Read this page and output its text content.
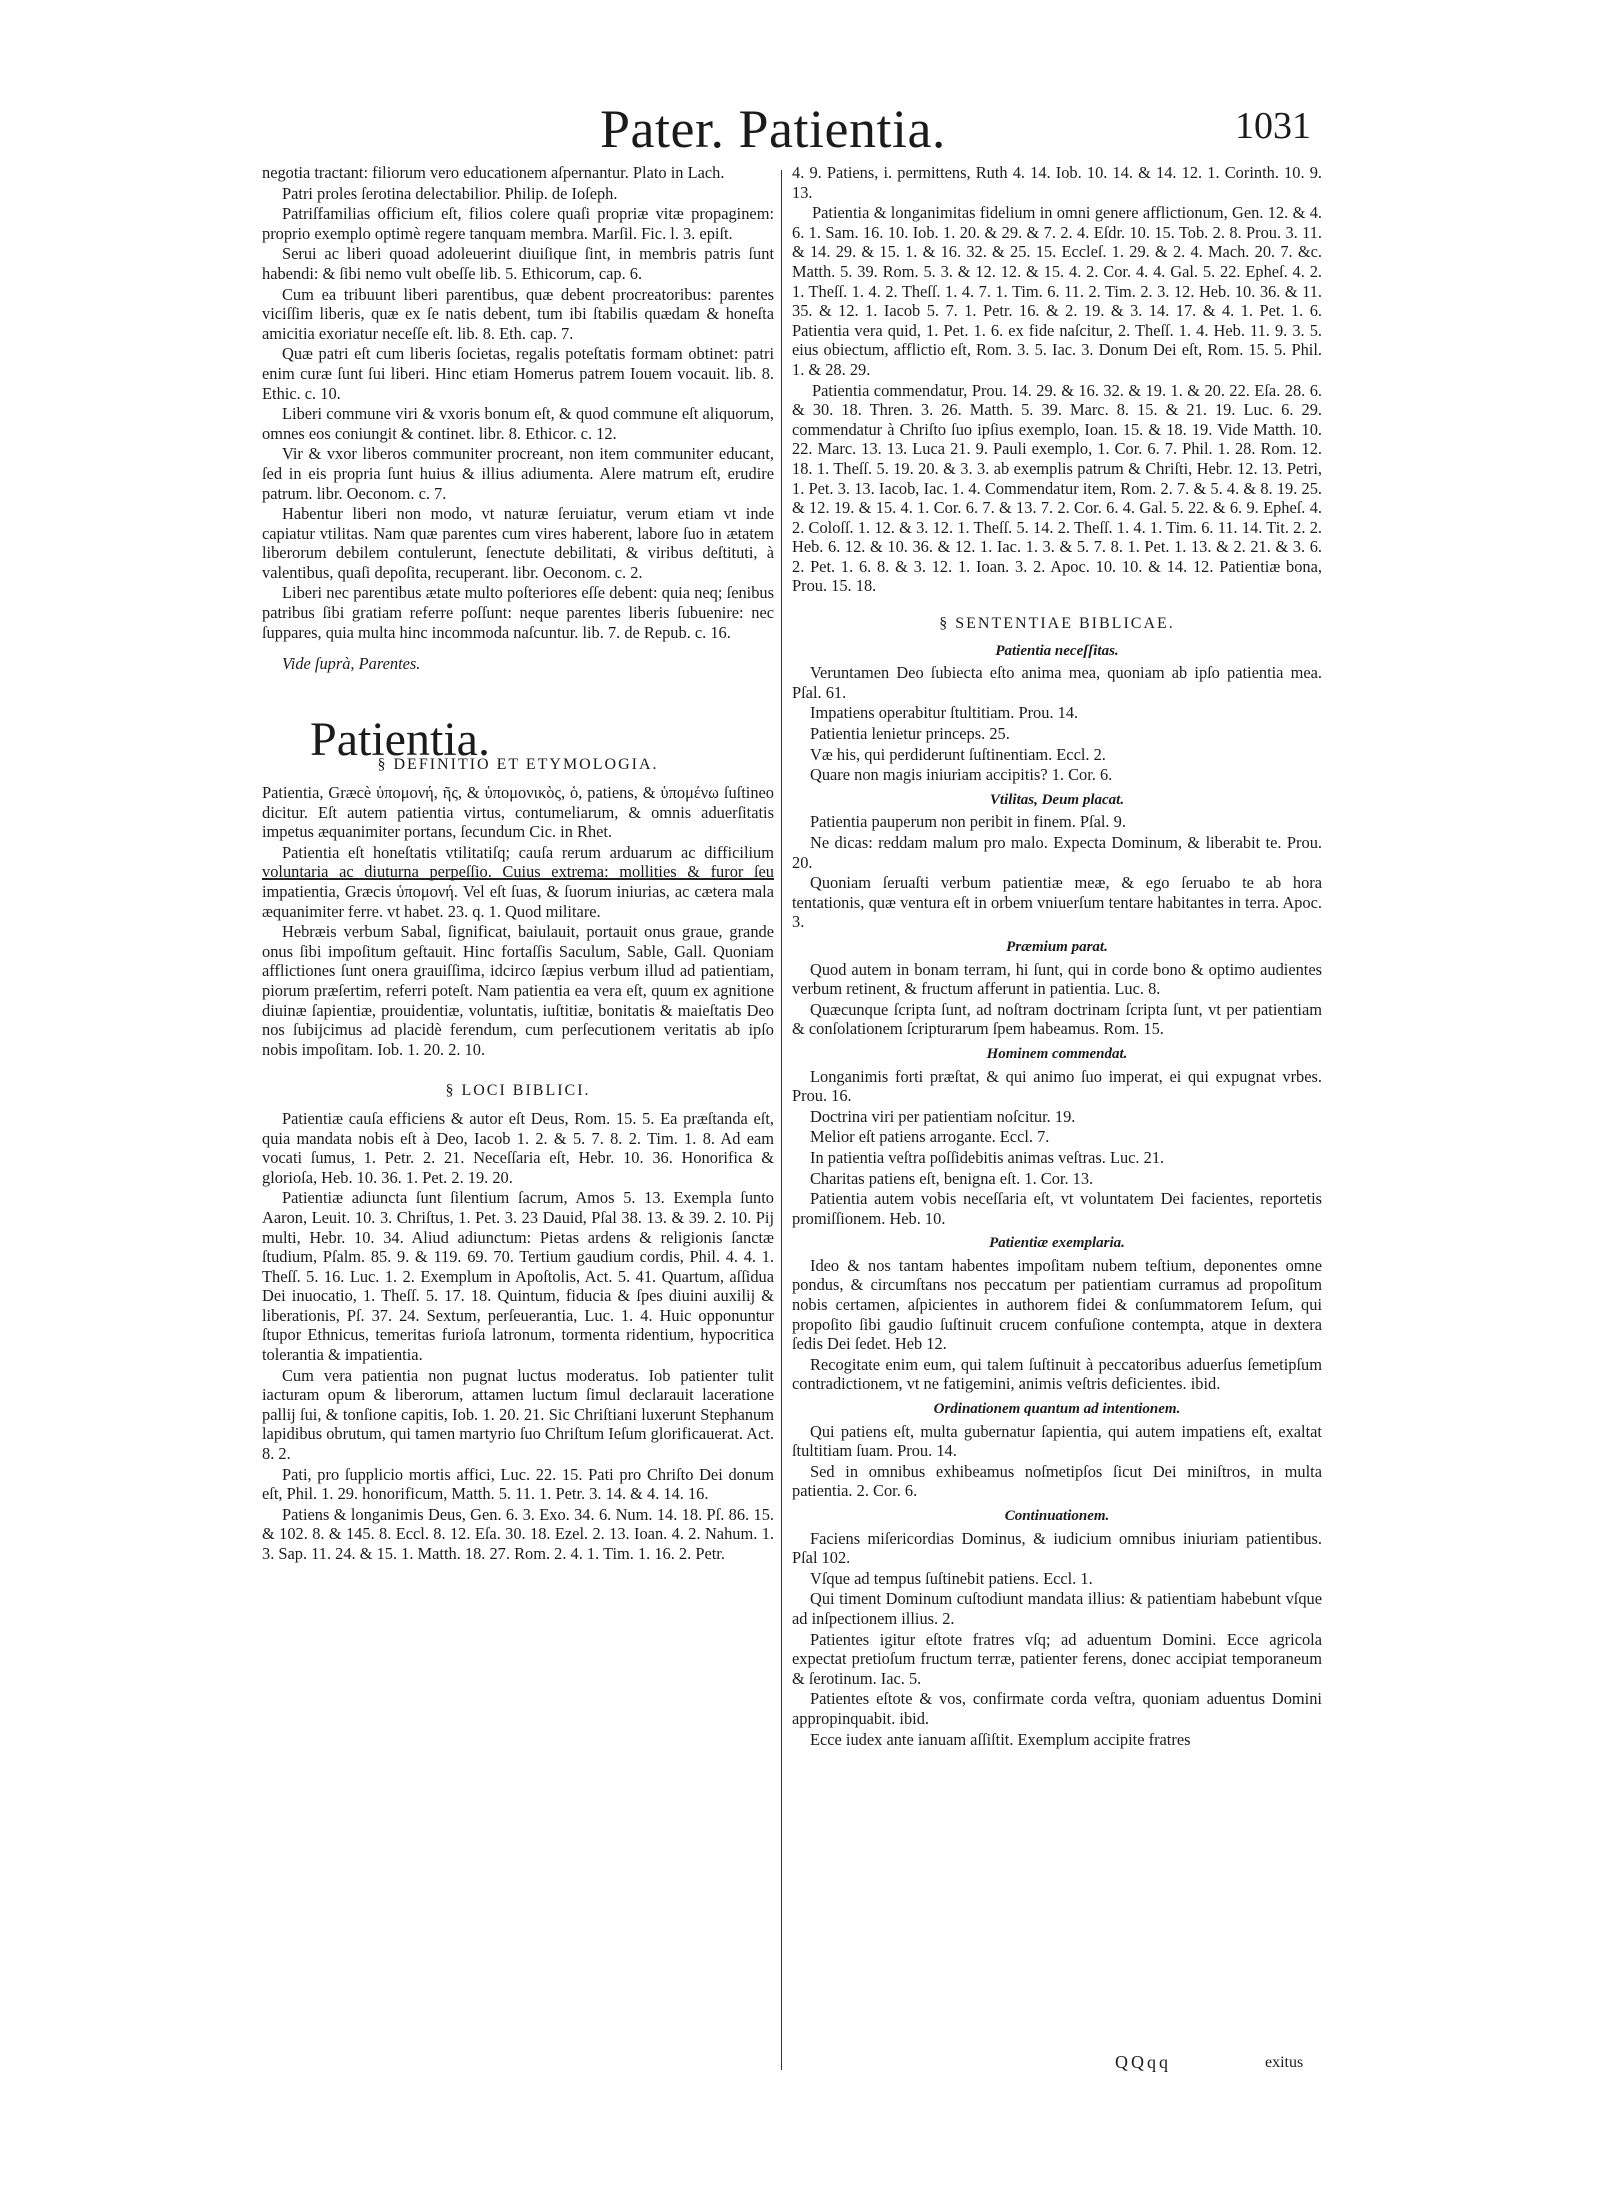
Pater. Patientia.	1031

negotia tractant: filiorum vero educationem aſpernantur. Plato in Lach.

Patri proles ſerotina delectabilior. Philip. de Ioſeph.

Patriſfamilias officium eſt, filios colere quaſi propriæ vitæ propaginem: proprio exemplo optimè regere tanquam membra. Marſil. Fic. l. 3. epiſt.

Serui ac liberi quoad adoleuerint diuiſique ſint, in membris patris ſunt habendi: & ſibi nemo vult obeſſe lib. 5. Ethicorum, cap. 6.

Cum ea tribuunt liberi parentibus, quæ debent procreatoribus: parentes viciſſim liberis, quæ ex ſe natis debent, tum ibi ſtabilis quædam & honeſta amicitia exoriatur neceſſe eſt. lib. 8. Eth. cap. 7.

Quæ patri eſt cum liberis ſocietas, regalis poteſtatis formam obtinet: patri enim curæ ſunt ſui liberi. Hinc etiam Homerus patrem Iouem vocauit. lib. 8. Ethic. c. 10.

Liberi commune viri & vxoris bonum eſt, & quod commune eſt aliquorum, omnes eos coniungit & continet. libr. 8. Ethicor. c. 12.

Vir & vxor liberos communiter procreant, non item communiter educant, ſed in eis propria ſunt huius & illius adiumenta. Alere matrum eſt, erudire patrum. libr. Oeconom. c. 7.

Habentur liberi non modo, vt naturæ ſeruiatur, verum etiam vt inde capiatur vtilitas. Nam quæ parentes cum vires haberent, labore ſuo in ætatem liberorum debilem contulerunt, ſenectute debilitati, & viribus deſtituti, à valentibus, quaſi depoſita, recuperant. libr. Oeconom. c. 2.

Liberi nec parentibus ætate multo poſteriores eſſe debent: quia neq; ſenibus patribus ſibi gratiam referre poſſunt: neque parentes liberis ſubuenire: nec ſuppares, quia multa hinc incommoda naſcuntur. lib. 7. de Repub. c. 16.

Vide ſuprà, Parentes.
Patientia.
§ DEFINITIO ET ETYMOLOGIA.

Patientia, Græcè ὑπομονή, ῆς, & ὑπομονικὸς, ὁ, patiens, & ὑπομένω ſuſtineo dicitur. Eſt autem patientia virtus, contumeliarum, & omnis aduerſitatis impetus æquanimiter portans, ſecundum Cic. in Rhet.

Patientia eſt honeſtatis vtilitatiſq; cauſa rerum arduarum ac difficilium voluntaria ac diuturna perpeſſio. Cuius extrema: mollities & furor ſeu impatientia, Græcis ὑπομονή. Vel eſt ſuas, & ſuorum iniurias, ac cætera mala æquanimiter ferre. vt habet. 23. q. 1. Quod militare.

Hebræis verbum Sabal, ſignificat, baiulauit, portauit onus graue, grande onus ſibi impoſitum geſtauit. Hinc fortaſſis Saculum, Sable, Gall. Quoniam afflictiones ſunt onera grauiſſima, idcirco ſæpius verbum illud ad patientiam, piorum præſertim, referri poteſt. Nam patientia ea vera eſt, quum ex agnitione diuinæ ſapientiæ, prouidentiæ, voluntatis, iuſtitiæ, bonitatis & maieſtatis Deo nos ſubijcimus ad placidè ferendum, cum perſecutionem veritatis ab ipſo nobis impoſitam. Iob. 1. 20. 2. 10.

§ LOCI BIBLICI.

Patientiæ cauſa efficiens & autor eſt Deus, Rom. 15. 5. Ea præſtanda eſt, quia mandata nobis eſt à Deo, Iacob 1. 2. & 5. 7. 8. 2. Tim. 1. 8. Ad eam vocati ſumus, 1. Petr. 2. 21. Neceſſaria eſt, Hebr. 10. 36. Honorifica & glorioſa, Heb. 10. 36. 1. Pet. 2. 19. 20.

Patientiæ adiuncta ſunt ſilentium ſacrum, Amos 5. 13. Exempla ſunto Aaron, Leuit. 10. 3. Chriſtus, 1. Pet. 3. 23 Dauid, Pſal 38. 13. & 39. 2. 10. Pij multi, Hebr. 10. 34. Aliud adiunctum: Pietas ardens & religionis ſanctæ ſtudium, Pſalm. 85. 9. & 119. 69. 70. Tertium gaudium cordis, Phil. 4. 4. 1. Theſſ. 5. 16. Luc. 1. 2. Exemplum in Apoſtolis, Act. 5. 41. Quartum, aſſidua Dei inuocatio, 1. Theſſ. 5. 17. 18. Quintum, fiducia & ſpes diuini auxilij & liberationis, Pſ. 37. 24. Sextum, perſeuerantia, Luc. 1. 4. Huic opponuntur ſtupor Ethnicus, temeritas furioſa latronum, tormenta ridentium, hypocritica tolerantia & impatientia.

Cum vera patientia non pugnat luctus moderatus. Iob patienter tulit iacturam opum & liberorum, attamen luctum ſimul declarauit laceratione pallij ſui, & tonſione capitis, Iob. 1. 20. 21. Sic Chriſtiani luxerunt Stephanum lapidibus obrutum, qui tamen martyrio ſuo Chriſtum Ieſum glorificauerat. Act. 8. 2.

Pati, pro ſupplicio mortis affici, Luc. 22. 15. Pati pro Chriſto Dei donum eſt, Phil. 1. 29. honorificum, Matth. 5. 11. 1. Petr. 3. 14. & 4. 14. 16.

Patiens & longanimis Deus, Gen. 6. 3. Exo. 34. 6. Num. 14. 18. Pſ. 86. 15. & 102. 8. & 145. 8. Eccl. 8. 12. Eſa. 30. 18. Ezel. 2. 13. Ioan. 4. 2. Nahum. 1. 3. Sap. 11. 24. & 15. 1. Matth. 18. 27. Rom. 2. 4. 1. Tim. 1. 16. 2. Petr.

4. 9. Patiens, i. permittens, Ruth 4. 14. Iob. 10. 14. & 14. 12. 1. Corinth. 10. 9. 13.

Patientia & longanimitas fidelium in omni genere afflictionum, Gen. 12. & 4. 6. 1. Sam. 16. 10. Iob. 1. 20. & 29. & 7. 2. 4. Eſdr. 10. 15. Tob. 2. 8. Prou. 3. 11. & 14. 29. & 15. 1. & 16. 32. & 25. 15. Eccleſ. 1. 29. & 2. 4. Mach. 20. 7. &c. Matth. 5. 39. Rom. 5. 3. & 12. 12. & 15. 4. 2. Cor. 4. 4. Gal. 5. 22. Epheſ. 4. 2. 1. Theſſ. 1. 4. 2. Theſſ. 1. 4. 7. 1. Tim. 6. 11. 2. Tim. 2. 3. 12. Heb. 10. 36. & 11. 35. & 12. 1. Iacob 5. 7. 1. Petr. 16. & 2. 19. & 3. 14. 17. & 4. 1. Pet. 1. 6. Patientia vera quid, 1. Pet. 1. 6. ex fide naſcitur, 2. Theſſ. 1. 4. Heb. 11. 9. 3. 5. eius obiectum, afflictio eſt, Rom. 3. 5. Iac. 3. Donum Dei eſt, Rom. 15. 5. Phil. 1. & 28. 29.

Patientia commendatur, Prou. 14. 29. & 16. 32. & 19. 1. & 20. 22. Eſa. 28. 6. & 30. 18. Thren. 3. 26. Matth. 5. 39. Marc. 8. 15. & 21. 19. Luc. 6. 29. commendatur à Chriſto ſuo ipſius exemplo, Ioan. 15. & 18. 19. Vide Matth. 10. 22. Marc. 13. 13. Luca 21. 9. Pauli exemplo, 1. Cor. 6. 7. Phil. 1. 28. Rom. 12. 18. 1. Theſſ. 5. 19. 20. & 3. 3. ab exemplis patrum & Chriſti, Hebr. 12. 13. Petri, 1. Pet. 3. 13. Iacob, Iac. 1. 4. Commendatur item, Rom. 2. 7. & 5. 4. & 8. 19. 25. & 12. 19. & 15. 4. 1. Cor. 6. 7. & 13. 7. 2. Cor. 6. 4. Gal. 5. 22. & 6. 9. Epheſ. 4. 2. Coloſſ. 1. 12. & 3. 12. 1. Theſſ. 5. 14. 2. Theſſ. 1. 4. 1. Tim. 6. 11. 14. Tit. 2. 2. Heb. 6. 12. & 10. 36. & 12. 1. Iac. 1. 3. & 5. 7. 8. 1. Pet. 1. 13. & 2. 21. & 3. 6. 2. Pet. 1. 6. 8. & 3. 12. 1. Ioan. 3. 2. Apoc. 10. 10. & 14. 12. Patientiæ bona, Prou. 15. 18.

§ SENTENTIAE BIBLICAE.
Patientia neceſſitas.

Veruntamen Deo ſubiecta eſto anima mea, quoniam ab ipſo patientia mea. Pſal. 61.

Impatiens operabitur ſtultitiam. Prou. 14.

Patientia lenietur princeps. 25.

Væ his, qui perdiderunt ſuſtinentiam. Eccl. 2.

Quare non magis iniuriam accipitis? 1. Cor. 6.

Vtilitas, Deum placat.

Patientia pauperum non peribit in finem. Pſal. 9.

Ne dicas: reddam malum pro malo. Expecta Dominum, & liberabit te. Prou. 20.

Quoniam ſeruaſti verbum patientiæ meæ, & ego ſeruabo te ab hora tentationis, quæ ventura eſt in orbem vniuerſum tentare habitantes in terra. Apoc. 3.

Præmium parat.

Quod autem in bonam terram, hi ſunt, qui in corde bono & optimo audientes verbum retinent, & fructum afferunt in patientia. Luc. 8.

Quæcunque ſcripta ſunt, ad noſtram doctrinam ſcripta ſunt, vt per patientiam & conſolationem ſcripturarum ſpem habeamus. Rom. 15.

Hominem commendat.

Longanimis forti præſtat, & qui animo ſuo imperat, ei qui expugnat vrbes. Prou. 16.

Doctrina viri per patientiam noſcitur. 19.

Melior eſt patiens arrogante. Eccl. 7.

In patientia veſtra poſſidebitis animas veſtras. Luc. 21.

Charitas patiens eſt, benigna eſt. 1. Cor. 13.

Patientia autem vobis neceſſaria eſt, vt voluntatem Dei facientes, reportetis promiſſionem. Heb. 10.

Patientiæ exemplaria.

Ideo & nos tantam habentes impoſitam nubem teſtium, deponentes omne pondus, & circumſtans nos peccatum per patientiam curramus ad propoſitum nobis certamen, aſpicientes in authorem fidei & conſummatorem Ieſum, qui propoſito ſibi gaudio ſuſtinuit crucem confuſione contempta, atque in dextera ſedis Dei ſedet. Heb 12.

Recogitate enim eum, qui talem ſuſtinuit à peccatoribus aduerſus ſemetipſum contradictionem, vt ne fatigemini, animis veſtris deficientes. ibid.

Ordinationem quantum ad intentionem.

Qui patiens eſt, multa gubernatur ſapientia, qui autem impatiens eſt, exaltat ſtultitiam ſuam. Prou. 14.

Sed in omnibus exhibeamus noſmetipſos ſicut Dei miniſtros, in multa patientia. 2. Cor. 6.

Continuationem.

Faciens miſericordias Dominus, & iudicium omnibus iniuriam patientibus. Pſal 102.

Vſque ad tempus ſuſtinebit patiens. Eccl. 1.

Qui timent Dominum cuſtodiunt mandata illius: & patientiam habebunt vſque ad inſpectionem illius. 2.

Patientes igitur eſtote fratres vſq; ad aduentum Domini. Ecce agricola expectat pretioſum fructum terræ, patienter ferens, donec accipiat temporaneum & ſerotinum. Iac. 5.

Patientes eſtote & vos, confirmate corda veſtra, quoniam aduentus Domini appropinquabit. ibid.

Ecce iudex ante ianuam aſſiſtit. Exemplum accipite fratres

QQqq	exitus
